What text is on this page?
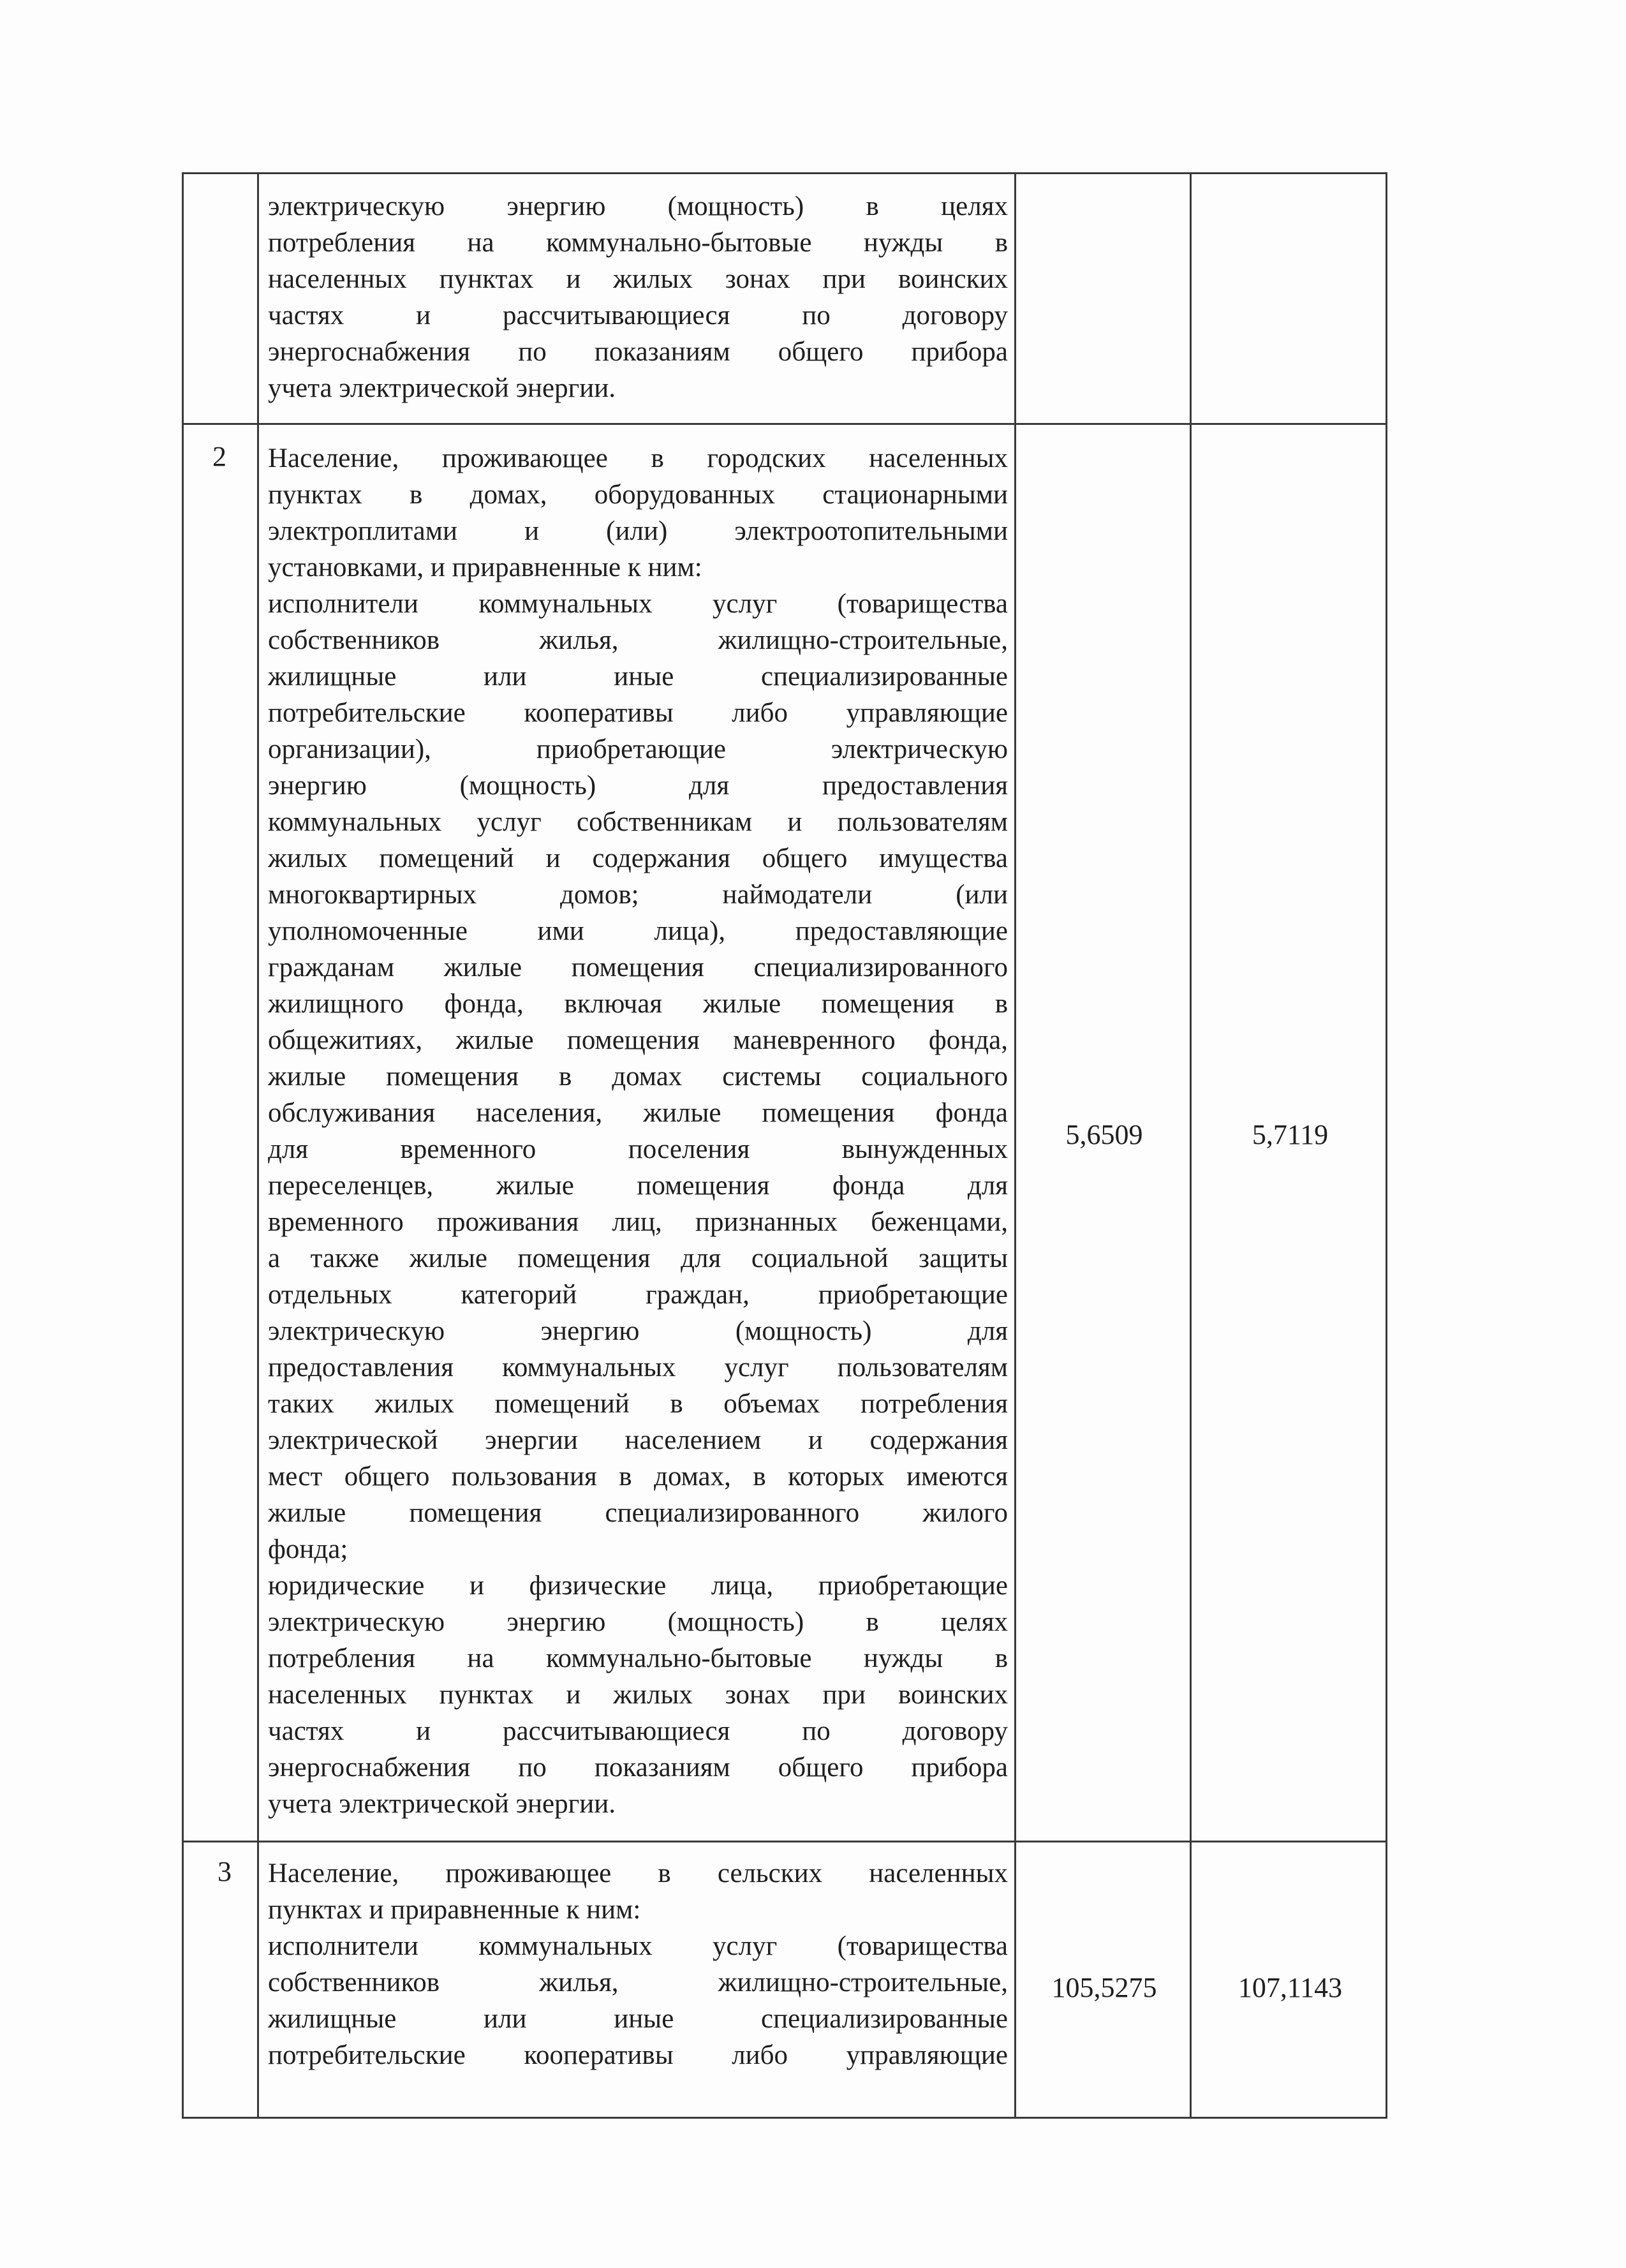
электрическую энергию (мощность) в целях
потребления на коммунально-бытовые нужды в
населенных пунктах и жилых зонах при воинских
частях и рассчитывающиеся по договору
энергоснабжения по показаниям общего прибора
учета электрической энергии.
2	Население, проживающее в городских населенных
пунктах в домах, оборудованных стационарными
электроплитами и (или) электроотопительными
установками, и приравненные к ним:
исполнители коммунальных услуг (товарищества
собственников жилья, жилищно-строительные,
жилищные или иные специализированные
потребительские кооперативы либо управляющие
организации), приобретающие электрическую
энергию (мощность) для предоставления
коммунальных услуг собственникам и пользователям
жилых помещений и содержания общего имущества
многоквартирных домов; наймодатели (или
уполномоченные ими лица), предоставляющие
гражданам жилые помещения специализированного
жилищного фонда, включая жилые помещения в
общежитиях, жилые помещения маневренного фонда,
жилые помещения в домах системы социального
обслуживания населения, жилые помещения фонда
для временного поселения вынужденных
переселенцев, жилые помещения фонда для
временного проживания лиц, признанных беженцами,
а также жилые помещения для социальной защиты
отдельных категорий граждан, приобретающие
электрическую энергию (мощность) для
предоставления коммунальных услуг пользователям
таких жилых помещений в объемах потребления
электрической энергии населением и содержания
мест общего пользования в домах, в которых имеются
жилые помещения специализированного жилого
фонда;
юридические и физические лица, приобретающие
электрическую энергию (мощность) в целях
потребления на коммунально-бытовые нужды в
населенных пунктах и жилых зонах при воинских
частях и рассчитывающиеся по договору
энергоснабжения по показаниям общего прибора
учета электрической энергии.
5,6509	5,7119
3	Население, проживающее в сельских населенных
пунктах и приравненные к ним:
исполнители коммунальных услуг (товарищества
собственников жилья, жилищно-строительные,
жилищные или иные специализированные
потребительские кооперативы либо управляющие
105,5275	107,1143
